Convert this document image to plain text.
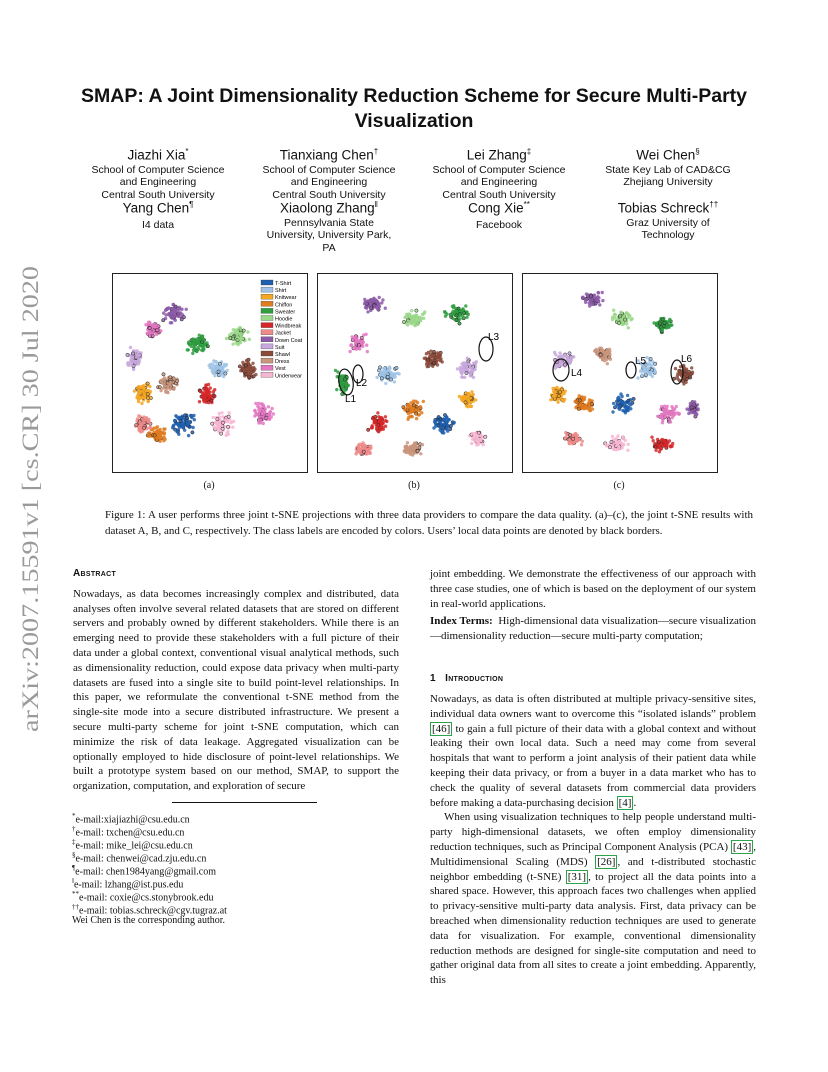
arXiv:2007.15591v1 [cs.CR] 30 Jul 2020
SMAP: A Joint Dimensionality Reduction Scheme for Secure Multi-Party Visualization
Jiazhi Xia*
School of Computer Science
and Engineering
Central South University
Tianxiang Chen†
School of Computer Science
and Engineering
Central South University
Lei Zhang‡
School of Computer Science
and Engineering
Central South University
Wei Chen§
State Key Lab of CAD&CG
Zhejiang University
Yang Chen¶
I4 data
Xiaolong Zhang‖
Pennsylvania State
University, University Park,
PA
Cong Xie**
Facebook
Tobias Schreck††
Graz University of
Technology
T-Shirt
Shirt
Knitwear
Chiffon
Sweater
Hoodie
Windbreak
Jacket
Down Coat
Suit
Shawl
Dress
Vest
Underwear
L1
L2
L3
L4
L5	L6
(a)	(b)	(c)
Figure 1: A user performs three joint t-SNE projections with three data providers to compare the data quality. (a)–(c), the joint t-SNE results with dataset A, B, and C, respectively. The class labels are encoded by colors. Users’ local data points are denoted by black borders.
Abstract
Nowadays, as data becomes increasingly complex and distributed, data analyses often involve several related datasets that are stored on different servers and probably owned by different stakeholders. While there is an emerging need to provide these stakeholders with a full picture of their data under a global context, conventional visual analytical methods, such as dimensionality reduction, could expose data privacy when multi-party datasets are fused into a single site to build point-level relationships. In this paper, we reformulate the conventional t-SNE method from the single-site mode into a secure distributed infrastructure. We present a secure multi-party scheme for joint t-SNE computation, which can minimize the risk of data leakage. Aggregated visualization can be optionally employed to hide disclosure of point-level relationships. We built a prototype system based on our method, SMAP, to support the organization, computation, and exploration of secure
*e-mail:xiajiazhi@csu.edu.cn
†e-mail: txchen@csu.edu.cn
‡e-mail: mike_lei@csu.edu.cn
§e-mail: chenwei@cad.zju.edu.cn
¶e-mail: chen1984yang@gmail.com
‖e-mail: lzhang@ist.pus.edu
**e-mail: coxie@cs.stonybrook.edu
††e-mail: tobias.schreck@cgv.tugraz.at
Wei Chen is the corresponding author.
joint embedding. We demonstrate the effectiveness of our approach with three case studies, one of which is based on the deployment of our system in real-world applications.
Index Terms: High-dimensional data visualization—secure visualization—dimensionality reduction—secure multi-party computation;
1 Introduction
Nowadays, as data is often distributed at multiple privacy-sensitive sites, individual data owners want to overcome this “isolated islands” problem [46] to gain a full picture of their data with a global context and without leaking their own local data. Such a need may come from several hospitals that want to perform a joint analysis of their patient data while keeping their data privacy, or from a buyer in a data market who has to check the quality of several datasets from commercial data providers before making a data-purchasing decision [4] .
When using visualization techniques to help people understand multi-party high-dimensional datasets, we often employ dimensionality reduction techniques, such as Principal Component Analysis (PCA) [43] , Multidimensional Scaling (MDS) [26] , and t-distributed stochastic neighbor embedding (t-SNE) [31] , to project all the data points into a shared space. However, this approach faces two challenges when applied to privacy-sensitive multi-party data analysis. First, data privacy can be breached when dimensionality reduction techniques are used to generate data for visualization. For example, conventional dimensionality reduction methods are designed for single-site computation and need to gather original data from all sites to create a joint embedding. Apparently, this
